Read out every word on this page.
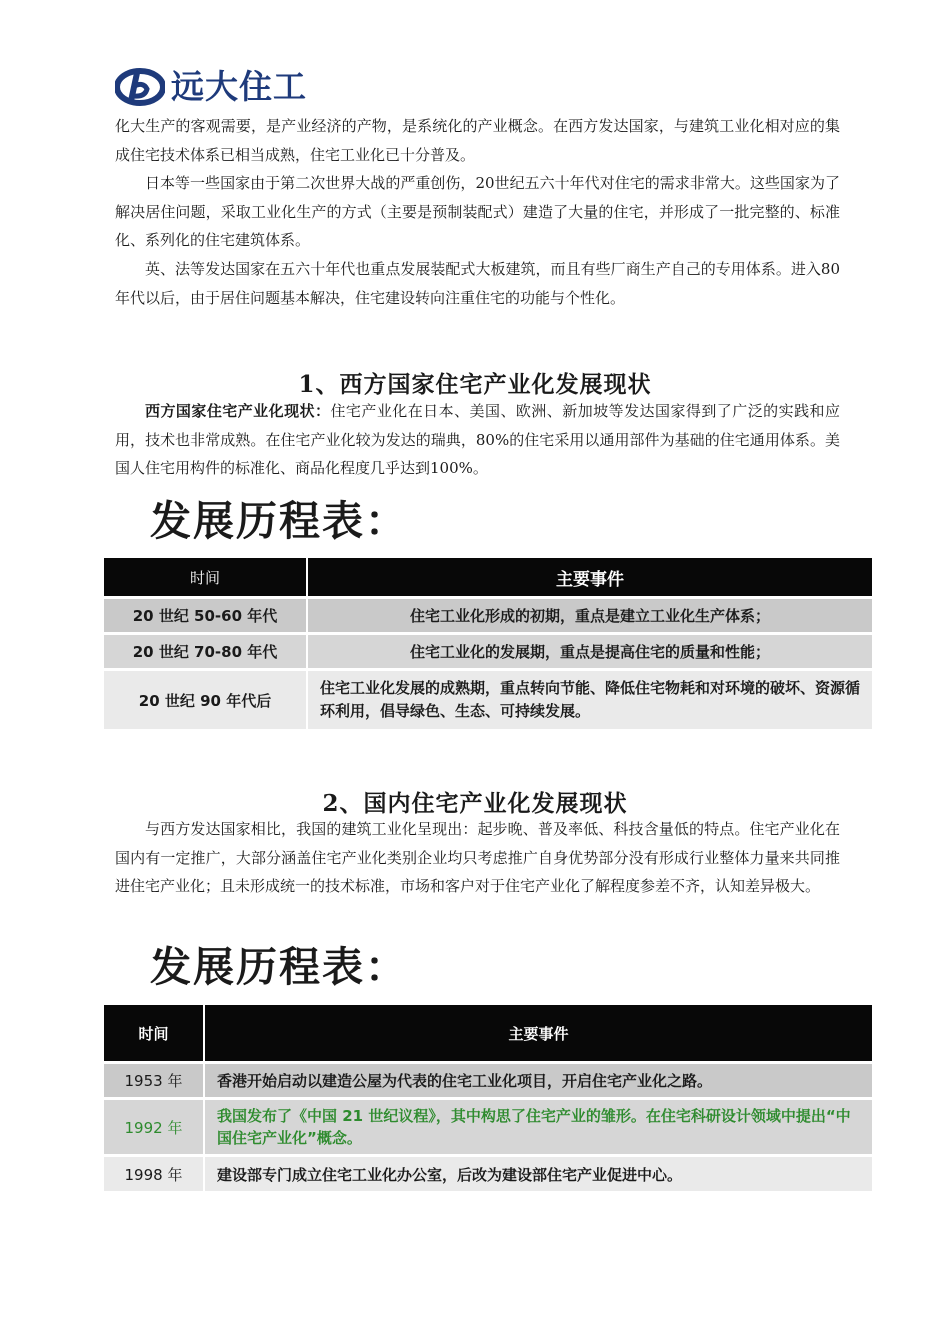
远大住工

化大生产的客观需要，是产业经济的产物，是系统化的产业概念。在西方发达国家，与建筑工业化相对应的集成住宅技术体系已相当成熟，住宅工业化已十分普及。

日本等一些国家由于第二次世界大战的严重创伤，20世纪五六十年代对住宅的需求非常大。这些国家为了解决居住问题，采取工业化生产的方式（主要是预制装配式）建造了大量的住宅，并形成了一批完整的、标准化、系列化的住宅建筑体系。

英、法等发达国家在五六十年代也重点发展装配式大板建筑，而且有些厂商生产自己的专用体系。进入80年代以后，由于居住问题基本解决，住宅建设转向注重住宅的功能与个性化。

1、西方国家住宅产业化发展现状

西方国家住宅产业化现状：住宅产业化在日本、美国、欧洲、新加坡等发达国家得到了广泛的实践和应用，技术也非常成熟。在住宅产业化较为发达的瑞典，80%的住宅采用以通用部件为基础的住宅通用体系。美国人住宅用构件的标准化、商品化程度几乎达到100%。

发展历程表：
时间	主要事件
20 世纪 50-60 年代	住宅工业化形成的初期，重点是建立工业化生产体系；
20 世纪 70-80 年代	住宅工业化的发展期，重点是提高住宅的质量和性能；
20 世纪 90 年代后	住宅工业化发展的成熟期，重点转向节能、降低住宅物耗和对环境的破坏、资源循环利用，倡导绿色、生态、可持续发展。
2、国内住宅产业化发展现状

与西方发达国家相比，我国的建筑工业化呈现出：起步晚、普及率低、科技含量低的特点。住宅产业化在国内有一定推广，大部分涵盖住宅产业化类别企业均只考虑推广自身优势部分没有形成行业整体力量来共同推进住宅产业化；且未形成统一的技术标准，市场和客户对于住宅产业化了解程度参差不齐，认知差异极大。

发展历程表：
时间	主要事件
1953 年	香港开始启动以建造公屋为代表的住宅工业化项目，开启住宅产业化之路。
1992 年	我国发布了《中国 21 世纪议程》，其中构思了住宅产业的雏形。在住宅科研设计领域中提出“中国住宅产业化”概念。
1998 年	建设部专门成立住宅工业化办公室，后改为建设部住宅产业促进中心。
